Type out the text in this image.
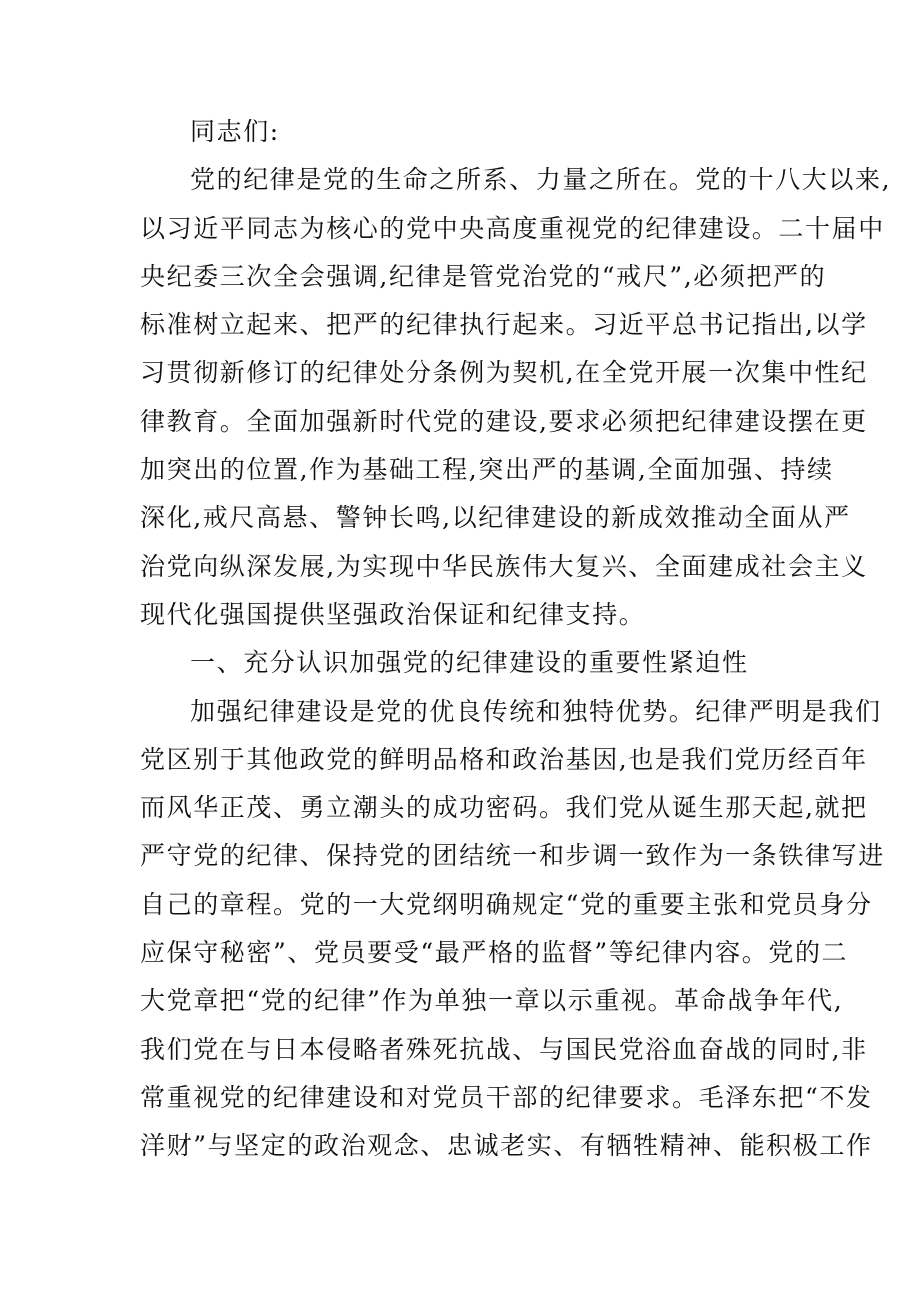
同志们:
党的纪律是党的生命之所系、力量之所在。党的十八大以来,
以习近平同志为核心的党中央高度重视党的纪律建设。二十届中
央纪委三次全会强调,纪律是管党治党的“戒尺”,必须把严的
标准树立起来、把严的纪律执行起来。习近平总书记指出,以学
习贯彻新修订的纪律处分条例为契机,在全党开展一次集中性纪
律教育。全面加强新时代党的建设,要求必须把纪律建设摆在更
加突出的位置,作为基础工程,突出严的基调,全面加强、持续
深化,戒尺高悬、警钟长鸣,以纪律建设的新成效推动全面从严
治党向纵深发展,为实现中华民族伟大复兴、全面建成社会主义
现代化强国提供坚强政治保证和纪律支持。
一、充分认识加强党的纪律建设的重要性紧迫性
加强纪律建设是党的优良传统和独特优势。纪律严明是我们
党区别于其他政党的鲜明品格和政治基因,也是我们党历经百年
而风华正茂、勇立潮头的成功密码。我们党从诞生那天起,就把
严守党的纪律、保持党的团结统一和步调一致作为一条铁律写进
自己的章程。党的一大党纲明确规定“党的重要主张和党员身分
应保守秘密”、党员要受“最严格的监督”等纪律内容。党的二
大党章把“党的纪律”作为单独一章以示重视。革命战争年代,
我们党在与日本侵略者殊死抗战、与国民党浴血奋战的同时,非
常重视党的纪律建设和对党员干部的纪律要求。毛泽东把“不发
洋财”与坚定的政治观念、忠诚老实、有牺牲精神、能积极工作
